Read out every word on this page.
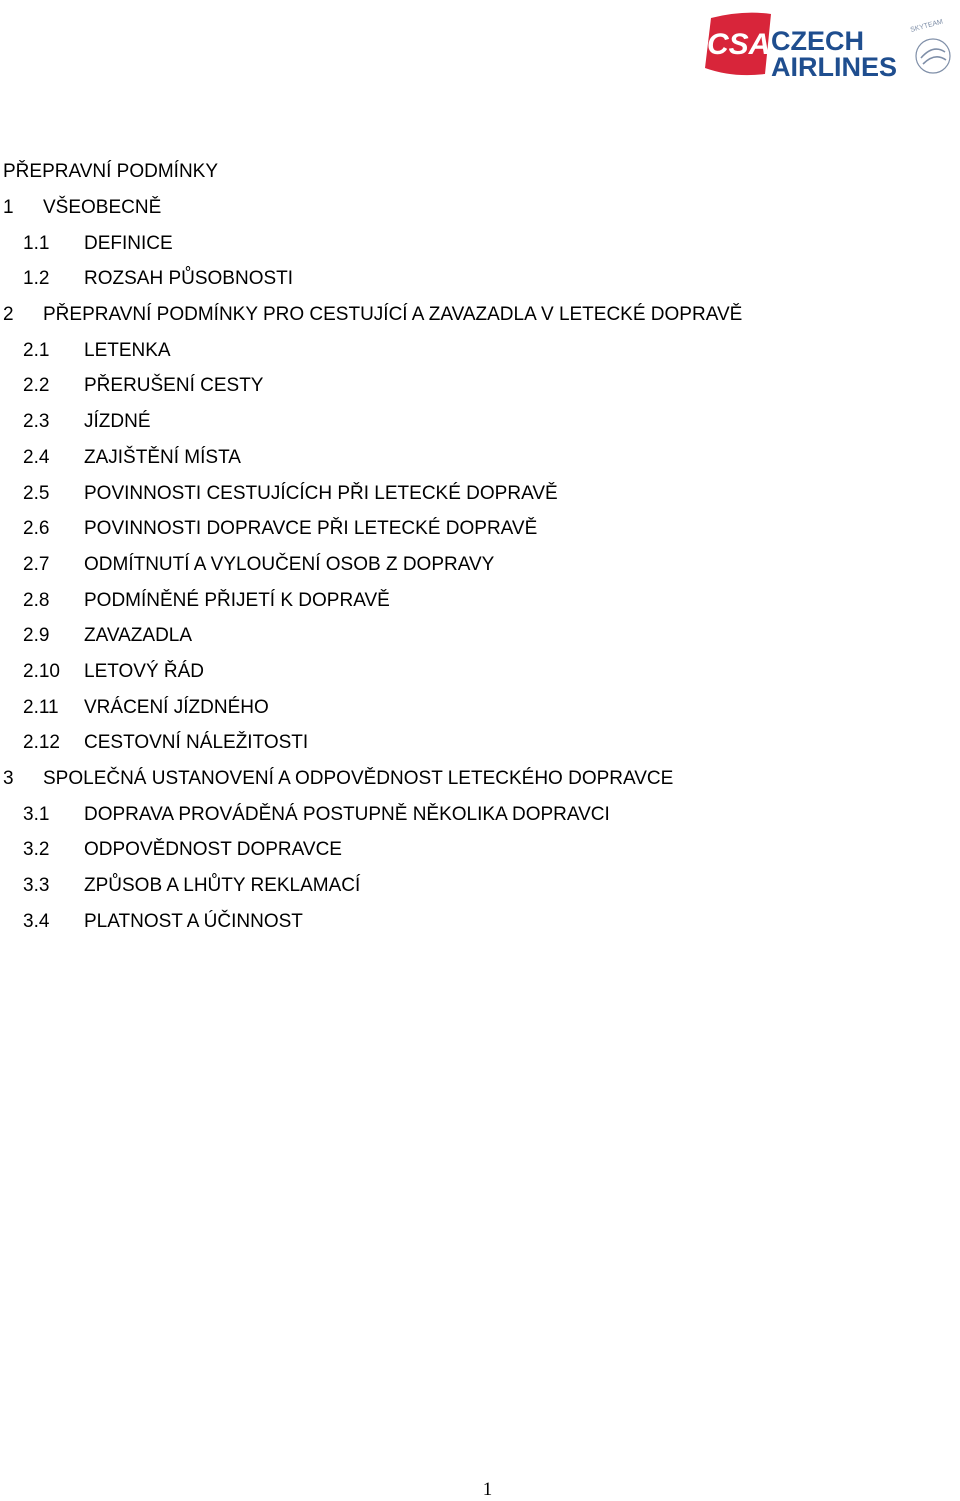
CSA CZECH
AIRLINES
SKYTEAM
PŘEPRAVNÍ PODMÍNKY
1 VŠEOBECNĚ
1.1 DEFINICE
1.2 ROZSAH PŮSOBNOSTI
2 PŘEPRAVNÍ PODMÍNKY PRO CESTUJÍCÍ A ZAVAZADLA V LETECKÉ DOPRAVĚ
2.1 LETENKA
2.2 PŘERUŠENÍ CESTY
2.3 JÍZDNÉ
2.4 ZAJIŠTĚNÍ MÍSTA
2.5 POVINNOSTI CESTUJÍCÍCH PŘI LETECKÉ DOPRAVĚ
2.6 POVINNOSTI DOPRAVCE PŘI LETECKÉ DOPRAVĚ
2.7 ODMÍTNUTÍ A VYLOUČENÍ OSOB Z DOPRAVY
2.8 PODMÍNĚNÉ PŘIJETÍ K DOPRAVĚ
2.9 ZAVAZADLA
2.10 LETOVÝ ŘÁD
2.11 VRÁCENÍ JÍZDNÉHO
2.12 CESTOVNÍ NÁLEŽITOSTI
3 SPOLEČNÁ USTANOVENÍ A ODPOVĚDNOST LETECKÉHO DOPRAVCE
3.1 DOPRAVA PROVÁDĚNÁ POSTUPNĚ NĚKOLIKA DOPRAVCI
3.2 ODPOVĚDNOST DOPRAVCE
3.3 ZPŮSOB A LHŮTY REKLAMACÍ
3.4 PLATNOST A ÚČINNOST
1
